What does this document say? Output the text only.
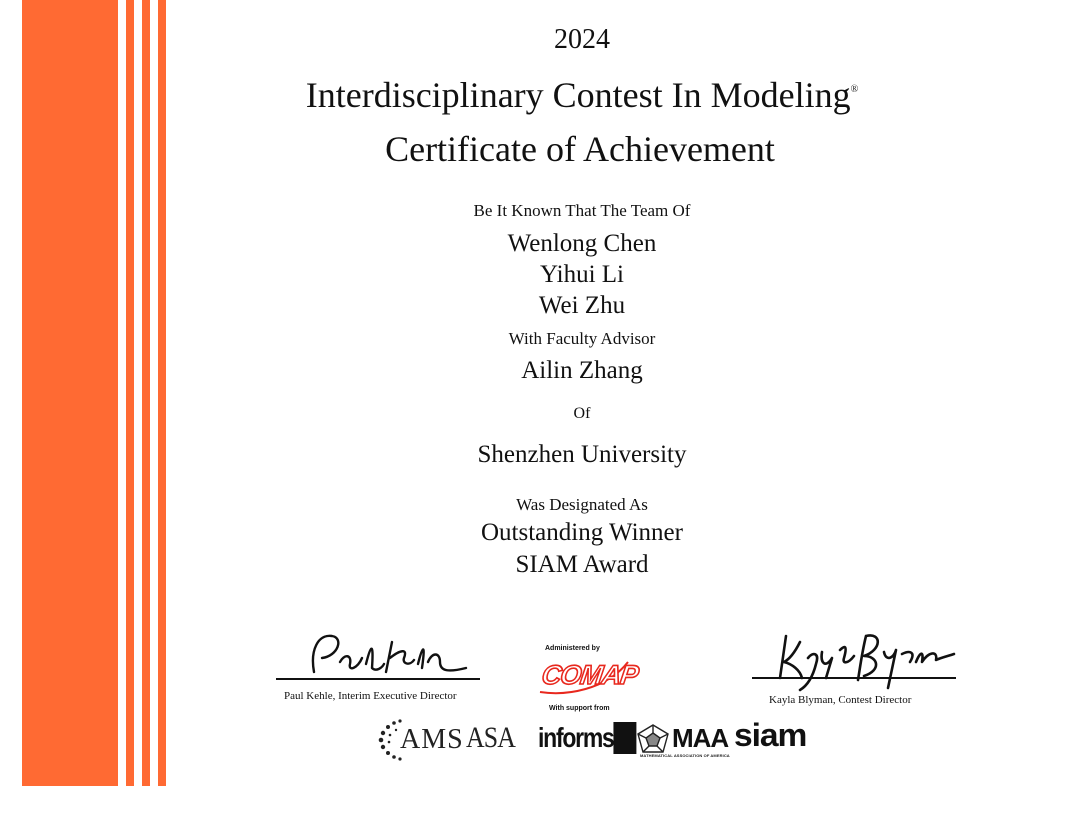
2024
Interdisciplinary Contest In Modeling®
Certificate of Achievement
Be It Known That The Team Of
Wenlong Chen
Yihui Li
Wei Zhu
With Faculty Advisor
Ailin Zhang
Of
Shenzhen University
Was Designated As
Outstanding Winner
SIAM Award
Paul Kehle, Interim Executive Director	Kayla Blyman, Contest Director
Administered by
COMAP
With support from
AMS ASA informs	MAA
MATHEMATICAL ASSOCIATION OF AMERICA
siam
